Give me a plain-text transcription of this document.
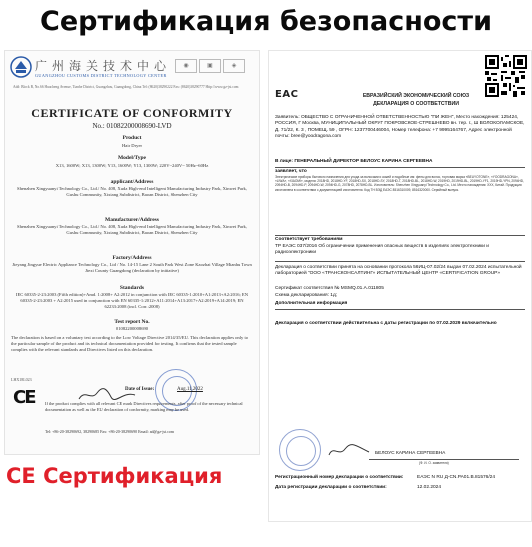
Сертификация безопасности
广州海关技术中心
GUANGZHOU CUSTOMS DISTRICT TECHNOLOGY CENTER
◉	▣	◈
Add: Block B, No.66 Huacheng Avenue, Tianhe District, Guangzhou, Guangdong, China Tel: (8620)38290222 Fax: (8620)38290777 Http://www.gz-jst.com
CERTIFICATE OF CONFORMITY
No.: 01082200008690-LVD
Product
Hair Dryer
Model/Type
X13, 1600W; X13, 1300W; Y13, 1600W; Y13, 1300W; 220V~240V~ 50Hz~60Hz
applicant/Address
Shenzhen Xingyuanyi Technology Co., Ltd./ No. 408, Xuda High-end Intelligent Manufacturing Industry Park, Xinwei Park, Gushu Community, Xixiang Subdistrict, Baoan District, Shenzhen City
Manufacturer/Address
Shenzhen Xingyuanyi Technology Co., Ltd./ No. 408, Xuda High-end Intelligent Manufacturing Industry Park, Xinwei Park, Gushu Community, Xixiang Subdistrict, Baoan District, Shenzhen City
Factory/Address
Jieyang Jingyue Electric Appliance Technology Co., Ltd / No. 14-15 Lane 2 South Park West Zone Kaozhai Village Mianhu Town Jiexi County Guangdong (declaration by initiative)
Standards
IEC 60335-2-23:2003 (Fifth edition)+Amd. 1:2008+ A2:2012 in conjunction with IEC 60335-1:2010+A1:2013+A2:2016; EN 60335-2-23:2003 + A2:2015 used in conjunction with EN 60335-1:2012+A11:2014+A13:2017+A2:2019+A14:2019; EN 62233:2008 (incl. Corr.:2008)
Test report No.
01082200008690
The declaration is based on a voluntary test according to the Low Voltage Directive 2014/35/EU. This declaration applies only to the particular sample of the product and its technical documentation provided for testing. It confirms that the tested sample complies with the relevant standards and Directives listed on this declaration.
Date of Issue:	Aug.11,2022
LHX18L023
CE	If the product complies with all relevant CE mark Directives requirements, after proof of the necessary technical documentation as well as the EU declaration of conformity, marking may be used.
Tel: +86-20-38290692, 38290685 Fax: +86-20-38290690 Email: ad@gz-jst.com
CE Сертификация
EAC	ЕВРАЗИЙСКИЙ ЭКОНОМИЧЕСКИЙ СОЮЗ
ДЕКЛАРАЦИЯ О СООТВЕТСТВИИ
Заявитель: ОБЩЕСТВО С ОГРАНИЧЕННОЙ ОТВЕТСТВЕННОСТЬЮ "ПИ ЖЕН", Место нахождения: 125424, РОССИЯ, Г Москва, МУНИЦИПАЛЬНЫЙ ОКРУГ ПОКРОВСКОЕ-СТРЕШНЕВО вн. тер. г., Ш ВОЛОКОЛАМСКОЕ, Д. 71/22, К. 3 , ПОМЕЩ. 59 , ОГРН: 1237700446004, Номер телефона: +7 9995164767, Адрес электронной почты: bree@yoodragona.com
В лице: ГЕНЕРАЛЬНЫЙ ДИРЕКТОР БЕЛОУС КАРИНА СЕРГЕЕВНА
заявляет, что
Электрические приборы бытового назначения для ухода за волосами и кожей и подобные им: фены для волос, торговая марка «BEUYOTONE», «YOODRAGONA», «LIWA», «XIAOMI», модели: 2018HD, 2018HD-YF, 2018HD-SX, 2018HD-SY, 2018HD-T, 2018HD-BL, 2018HD-W, 2019HD, 2019HD-BL, 2019HD-YF1, 2019HD-YPN, 2094HD, 2094HD-B, 2094HD-P, 2094HD-W, 2094HD-G, 2078HD, 2078HD-BL. Изготовитель: Shenzhen Xingyuanyi Technology Co., Ltd. Место нахождения: ХХХ, Китай. Продукция изготовлена в соответствии с документацией изготовителя. Код ТН ВЭД ЕАЭС 8516310009, 8516320000. Серийный выпуск.
Соответствует требованиям
ТР ЕАЭС 037/2016 Об ограничении применения опасных веществ в изделиях электротехники и радиоэлектроники
Декларация о соответствии принята на основании протокола 56ИЦ-07.02/24 выдан 07.02.2024 испытательной лабораторией "ООО «ТРАНСКОНСАЛТИНГ» ИСПЫТАТЕЛЬНЫЙ ЦЕНТР «CERTIFICATION GROUP»
Сертификат соответствия № MSMQ.01.А.011805
Схема декларирования: 1д;
Дополнительная информация
Декларация о соответствии действительна с даты регистрации по 07.02.2029 включительно
БЕЛОУС КАРИНА СЕРГЕЕВНА
(Ф. И. О. заявителя)
Регистрационный номер декларации о соответствии:	ЕАЭС N RU Д-CN.РА01.В.81576/24
Дата регистрации декларации о соответствии:	12.02.2024
